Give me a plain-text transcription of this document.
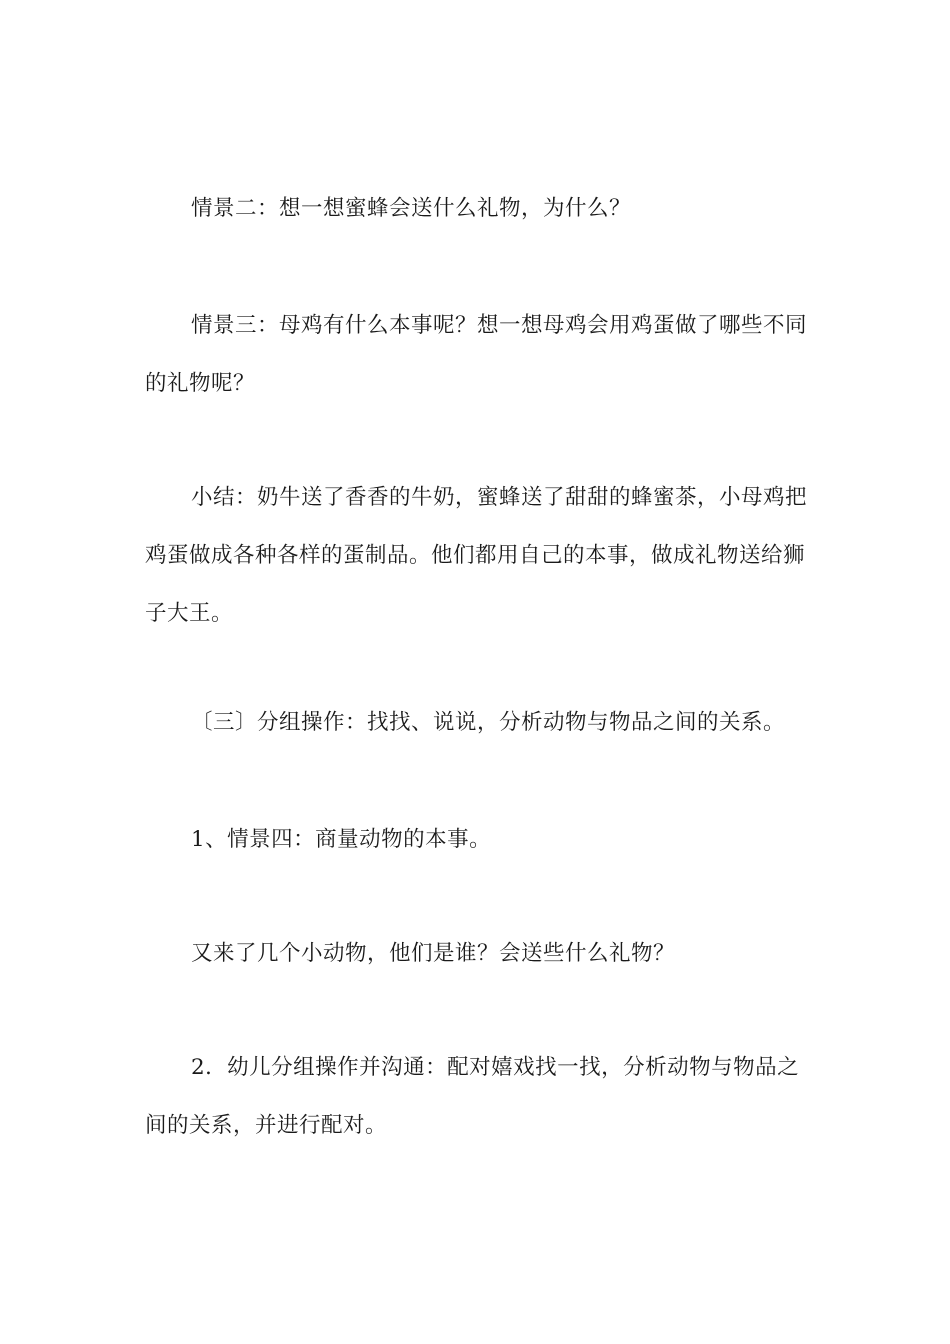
情景二：想一想蜜蜂会送什么礼物，为什么？

情景三：母鸡有什么本事呢？想一想母鸡会用鸡蛋做了哪些不同的礼物呢？

小结：奶牛送了香香的牛奶，蜜蜂送了甜甜的蜂蜜茶，小母鸡把鸡蛋做成各种各样的蛋制品。他们都用自己的本事，做成礼物送给狮子大王。

〔三〕分组操作：找找、说说，分析动物与物品之间的关系。

1、情景四：商量动物的本事。

又来了几个小动物，他们是谁？会送些什么礼物？

2．幼儿分组操作并沟通：配对嬉戏找一找，分析动物与物品之间的关系，并进行配对。
